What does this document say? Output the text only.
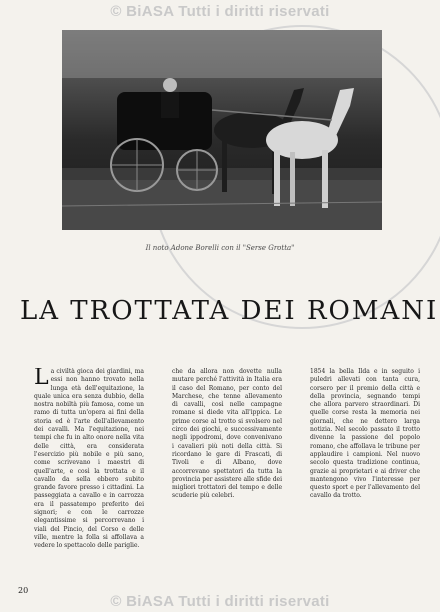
© BiASA Tutti i diritti riservati
Il noto Adone Borelli con il "Serse Grotta"
LA TROTTATA DEI ROMANI

La civiltà gioca dei giardini, ma essi non hanno trovato nella lunga età dell'equitazione, la quale unica era senza dubbio, della nostra nobiltà più famosa, come un ramo di tutta un'opera ai fini della storia ed è l'arte dell'allevamento dei cavalli. Ma l'equitazione, nei tempi che fu in alto onore nella vita delle città, era considerata l'esercizio più nobile e più sano, come scrivevano i maestri di quell'arte, e così la trottata e il cavallo da sella ebbero subito grande favore presso i cittadini. La passeggiata a cavallo e in carrozza era il passatempo preferito dei signori; e con le carrozze elegantissime si percorrevano i viali del Pincio, del Corso e delle ville, mentre la folla si affollava a vedere lo spettacolo delle pariglie.

che da allora non dovette nulla mutare perché l'attività in Italia era il caso del Romano, per conto del Marchese, che tenne allevamento di cavalli, così nelle campagne romane si diede vita all'ippica. Le prime corse al trotto si svolsero nel circo dei giochi, e successivamente negli ippodromi, dove convenivano i cavalieri più noti della città. Si ricordano le gare di Frascati, di Tivoli e di Albano, dove accorrevano spettatori da tutta la provincia per assistere alle sfide dei migliori trottatori del tempo e delle scuderie più celebri.

1854 la bella Ilda e in seguito i puledri allevati con tanta cura, corsero per il premio della città e della provincia, segnando tempi che allora parvero straordinari. Di quelle corse resta la memoria nei giornali, che ne dettero larga notizia. Nel secolo passato il trotto divenne la passione del popolo romano, che affollava le tribune per applaudire i campioni. Nel nuovo secolo questa tradizione continua, grazie ai proprietari e ai driver che mantengono vivo l'interesse per questo sport e per l'allevamento del cavallo da trotto.

20
© BiASA Tutti i diritti riservati
